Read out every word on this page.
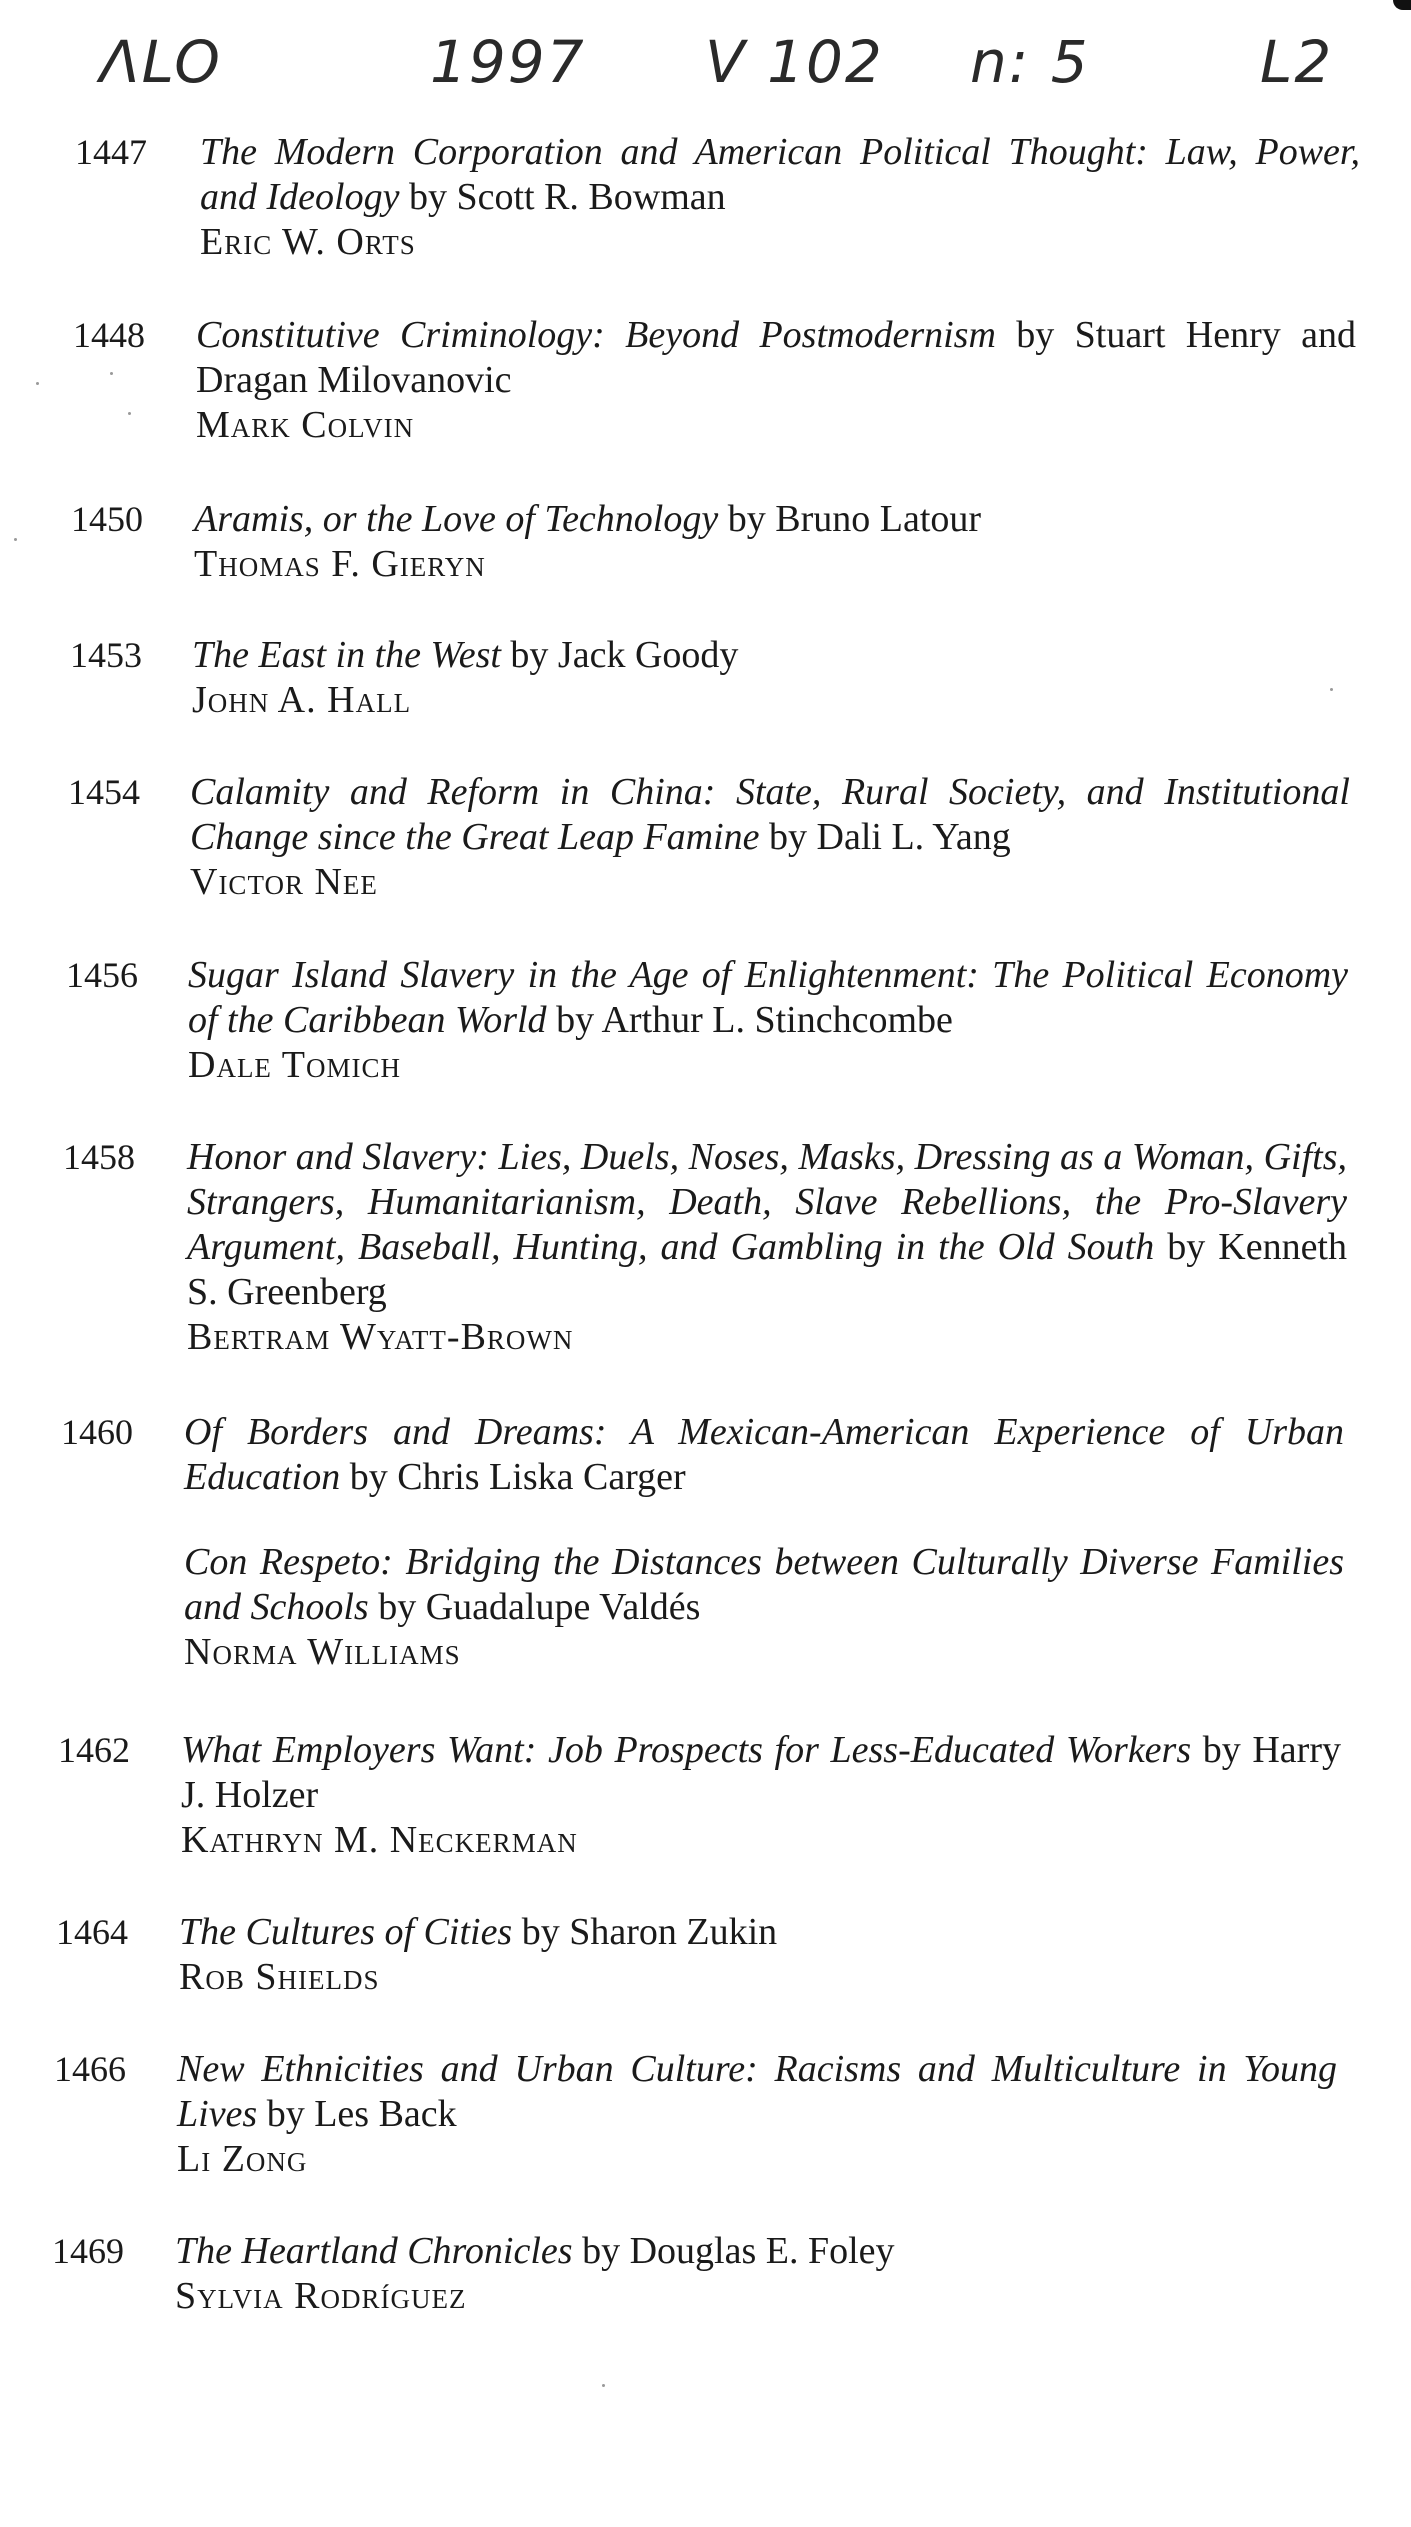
ΛLO	1997 V 102 n: 5	L2
1447 The Modern Corporation and American Political Thought: Law, Power, and Ideology by Scott R. Bowman

Eric W. Orts

1448 Constitutive Criminology: Beyond Postmodernism by Stuart Henry and Dragan Milovanovic

Mark Colvin

1450 Aramis, or the Love of Technology by Bruno Latour

Thomas F. Gieryn

1453 The East in the West by Jack Goody

John A. Hall

1454 Calamity and Reform in China: State, Rural Society, and Institutional Change since the Great Leap Famine by Dali L. Yang

Victor Nee

1456 Sugar Island Slavery in the Age of Enlightenment: The Political Economy of the Caribbean World by Arthur L. Stinchcombe

Dale Tomich

1458 Honor and Slavery: Lies, Duels, Noses, Masks, Dressing as a Woman, Gifts, Strangers, Humanitarianism, Death, Slave Rebellions, the Pro-Slavery Argument, Baseball, Hunting, and Gambling in the Old South by Kenneth S. Greenberg

Bertram Wyatt-Brown

1460 Of Borders and Dreams: A Mexican-American Experience of Urban Education by Chris Liska Carger

Con Respeto: Bridging the Distances between Culturally Diverse Families and Schools by Guadalupe Valdés

Norma Williams

1462 What Employers Want: Job Prospects for Less-Educated Workers by Harry J. Holzer

Kathryn M. Neckerman

1464 The Cultures of Cities by Sharon Zukin

Rob Shields

1466 New Ethnicities and Urban Culture: Racisms and Multiculture in Young Lives by Les Back

Li Zong

1469 The Heartland Chronicles by Douglas E. Foley

Sylvia Rodríguez
